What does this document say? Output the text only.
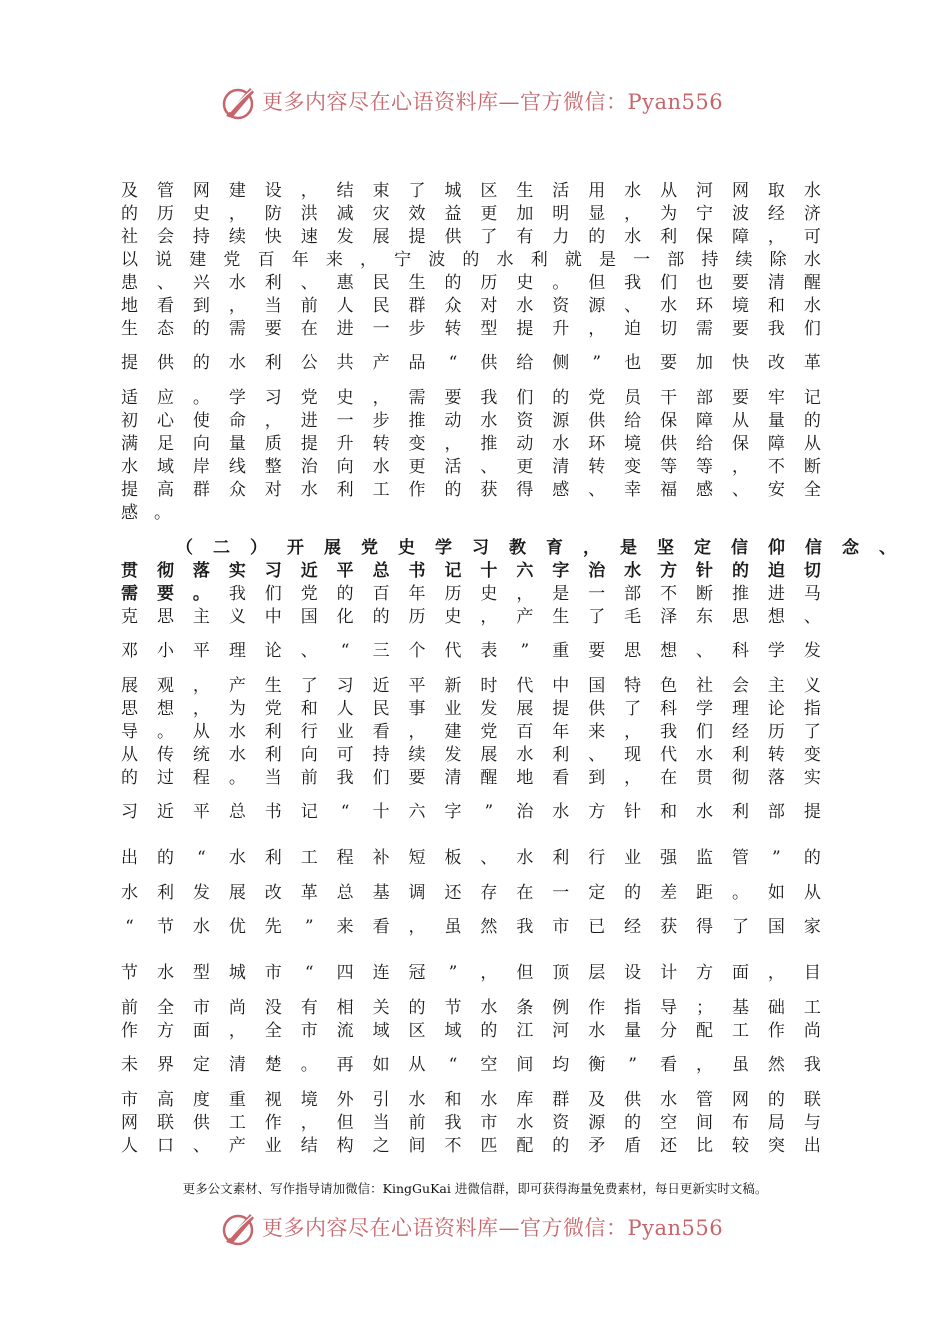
更多内容尽在心语资料库—官方微信：Pyan556
及 管 网 建 设 ， 结 束 了 城 区 生 活 用 水 从 河 网 取 水
的 历 史 ， 防 洪 减 灾 效 益 更 加 明 显 ， 为 宁 波 经 济
社 会 持 续 快 速 发 展 提 供 了 有 力 的 水 利 保 障 ， 可
以 说 建 党 百 年 来 ， 宁 波 的 水 利 就 是 一 部 持 续 除 水
患 、 兴 水 利 、 惠 民 生 的 历 史 。 但 我 们 也 要 清 醒
地 看 到 ， 当 前 人 民 群 众 对 水 资 源 、 水 环 境 和 水
生 态 的 需 要 在 进 一 步 转 型 提 升 ， 迫 切 需 要 我 们
提 供 的 水 利 公 共 产 品 “ 供 给 侧 ” 也 要 加 快 改 革
适 应 。 学 习 党 史 ， 需 要 我 们 的 党 员 干 部 要 牢 记
初 心 使 命 ， 进 一 步 推 动 水 资 源 供 给 保 障 从 量 的
满 足 向 量 质 提 升 转 变 ， 推 动 水 环 境 供 给 保 障 从
水 域 岸 线 整 治 向 水 更 活 、 更 清 转 变 等 等 ， 不 断
提 高 群 众 对 水 利 工 作 的 获 得 感 、 幸 福 感 、 安 全
感 。
（ 二 ） 开 展 党 史 学 习 教 育 ， 是 坚 定 信 仰 信 念 、
贯 彻 落 实 习 近 平 总 书 记 十 六 字 治 水 方 针 的 迫 切
需 要 。 我 们 党 的 百 年 历 史 ， 是 一 部 不 断 推 进 马
克 思 主 义 中 国 化 的 历 史 ， 产 生 了 毛 泽 东 思 想 、
邓 小 平 理 论 、 “ 三 个 代 表 ” 重 要 思 想 、 科 学 发
展 观 ， 产 生 了 习 近 平 新 时 代 中 国 特 色 社 会 主 义
思 想 ， 为 党 和 人 民 事 业 发 展 提 供 了 科 学 理 论 指
导 。 从 水 利 行 业 看 ， 建 党 百 年 来 ， 我 们 经 历 了
从 传 统 水 利 向 可 持 续 发 展 水 利 、 现 代 水 利 转 变
的 过 程 。 当 前 我 们 要 清 醒 地 看 到 ， 在 贯 彻 落 实
习 近 平 总 书 记 “ 十 六 字 ” 治 水 方 针 和 水 利 部 提
出 的 “ 水 利 工 程 补 短 板 、 水 利 行 业 强 监 管 ” 的
水 利 发 展 改 革 总 基 调 还 存 在 一 定 的 差 距 。 如 从
“ 节 水 优 先 ” 来 看 ， 虽 然 我 市 已 经 获 得 了 国 家
节 水 型 城 市 “ 四 连 冠 ” ， 但 顶 层 设 计 方 面 ， 目
前 全 市 尚 没 有 相 关 的 节 水 条 例 作 指 导 ； 基 础 工
作 方 面 ， 全 市 流 域 区 域 的 江 河 水 量 分 配 工 作 尚
未 界 定 清 楚 。 再 如 从 “ 空 间 均 衡 ” 看 ， 虽 然 我
市 高 度 重 视 境 外 引 水 和 水 库 群 及 供 水 管 网 的 联
网 联 供 工 作 ， 但 当 前 我 市 水 资 源 的 空 间 布 局 与
人 口 、 产 业 结 构 之 间 不 匹 配 的 矛 盾 还 比 较 突 出
更多公文素材、写作指导请加微信：KingGuKai 进微信群，即可获得海量免费素材，每日更新实时文稿。
更多内容尽在心语资料库—官方微信：Pyan556
